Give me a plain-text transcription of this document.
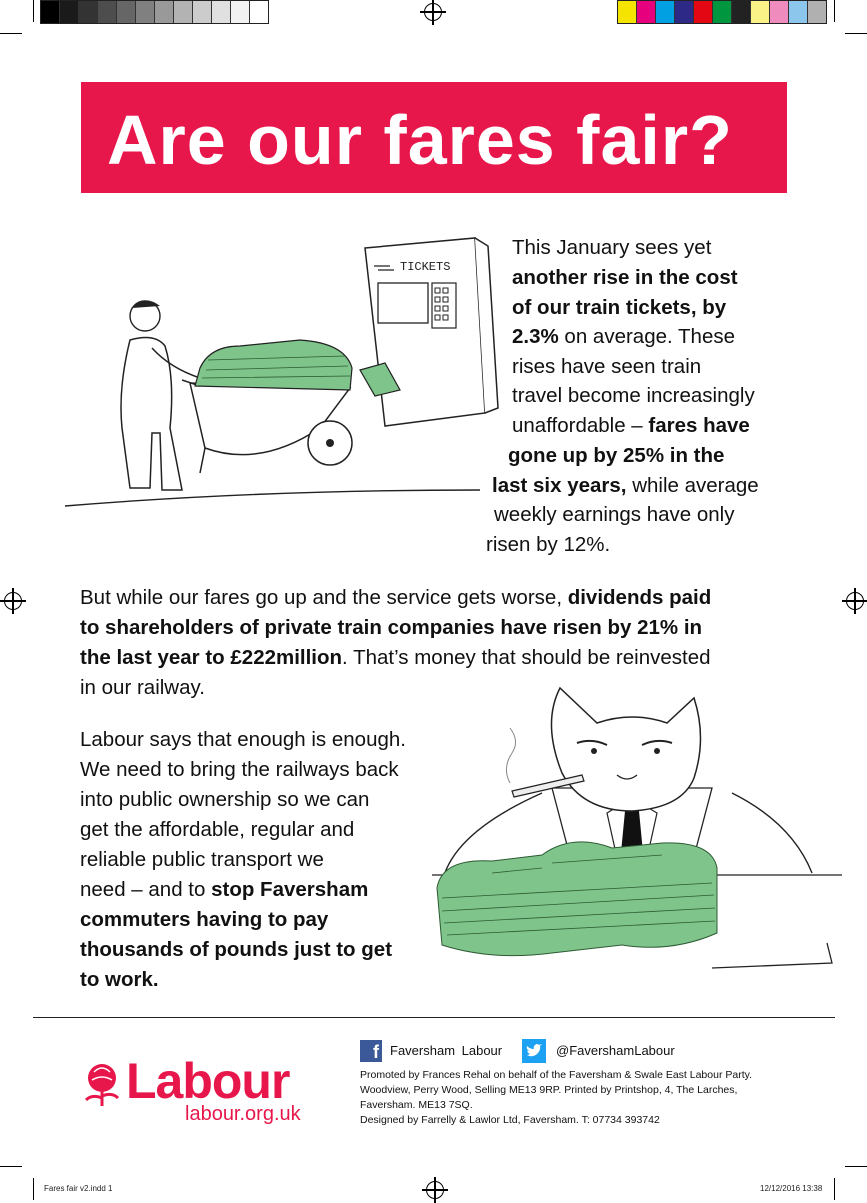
Are our fares fair?
TICKETS
This January sees yet
another rise in the cost
of our train tickets, by
2.3% on average. These
rises have seen train
travel become increasingly
unaffordable – fares have
gone up by 25% in the
last six years, while average
weekly earnings have only
risen by 12%.
But while our fares go up and the service gets worse, dividends paid
to shareholders of private train companies have risen by 21% in
the last year to £222million. That’s money that should be reinvested
in our railway.
Labour says that enough is enough.
We need to bring the railways back
into public ownership so we can
get the affordable, regular and
reliable public transport we
need – and to stop Faversham
commuters having to pay
thousands of pounds just to get
to work.
Labour
labour.org.uk
f Faversham Labour	@FavershamLabour
Promoted by Frances Rehal on behalf of the Faversham & Swale East Labour Party.
Woodview, Perry Wood, Selling ME13 9RP. Printed by Printshop, 4, The Larches,
Faversham. ME13 7SQ.
Designed by Farrelly & Lawlor Ltd, Faversham. T: 07734 393742
Fares fair v2.indd 1	12/12/2016 13:38
